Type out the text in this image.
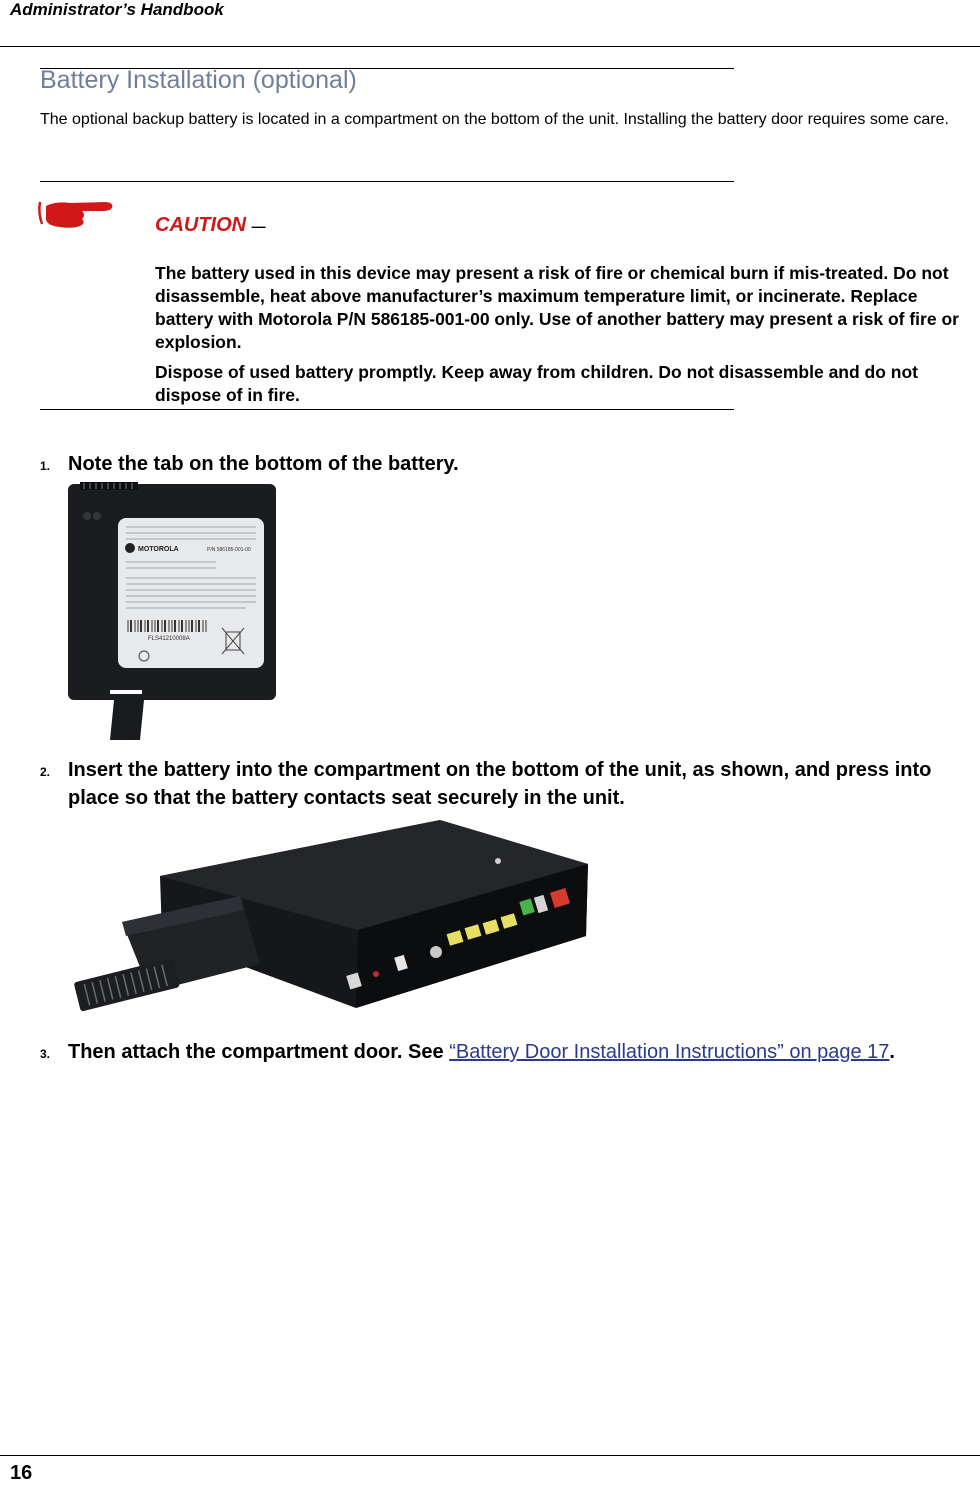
Administrator’s Handbook
Battery Installation (optional)
The optional backup battery is located in a compartment on the bottom of the unit. Installing the battery door requires some care.
CAUTION —
The battery used in this device may present a risk of fire or chemical burn if mis-treated. Do not disassemble, heat above manufacturer’s maximum temperature limit, or incinerate. Replace battery with Motorola P/N 586185-001-00 only. Use of another battery may present a risk of fire or explosion.
Dispose of used battery promptly. Keep away from children. Do not disassemble and do not dispose of in fire.
1. Note the tab on the bottom of the battery.
MOTOROLA	P/N 586185-001-00
FLS41210008A
2. Insert the battery into the compartment on the bottom of the unit, as shown, and press into place so that the battery contacts seat securely in the unit.
3. Then attach the compartment door. See “Battery Door Installation Instructions” on page 17.
16
